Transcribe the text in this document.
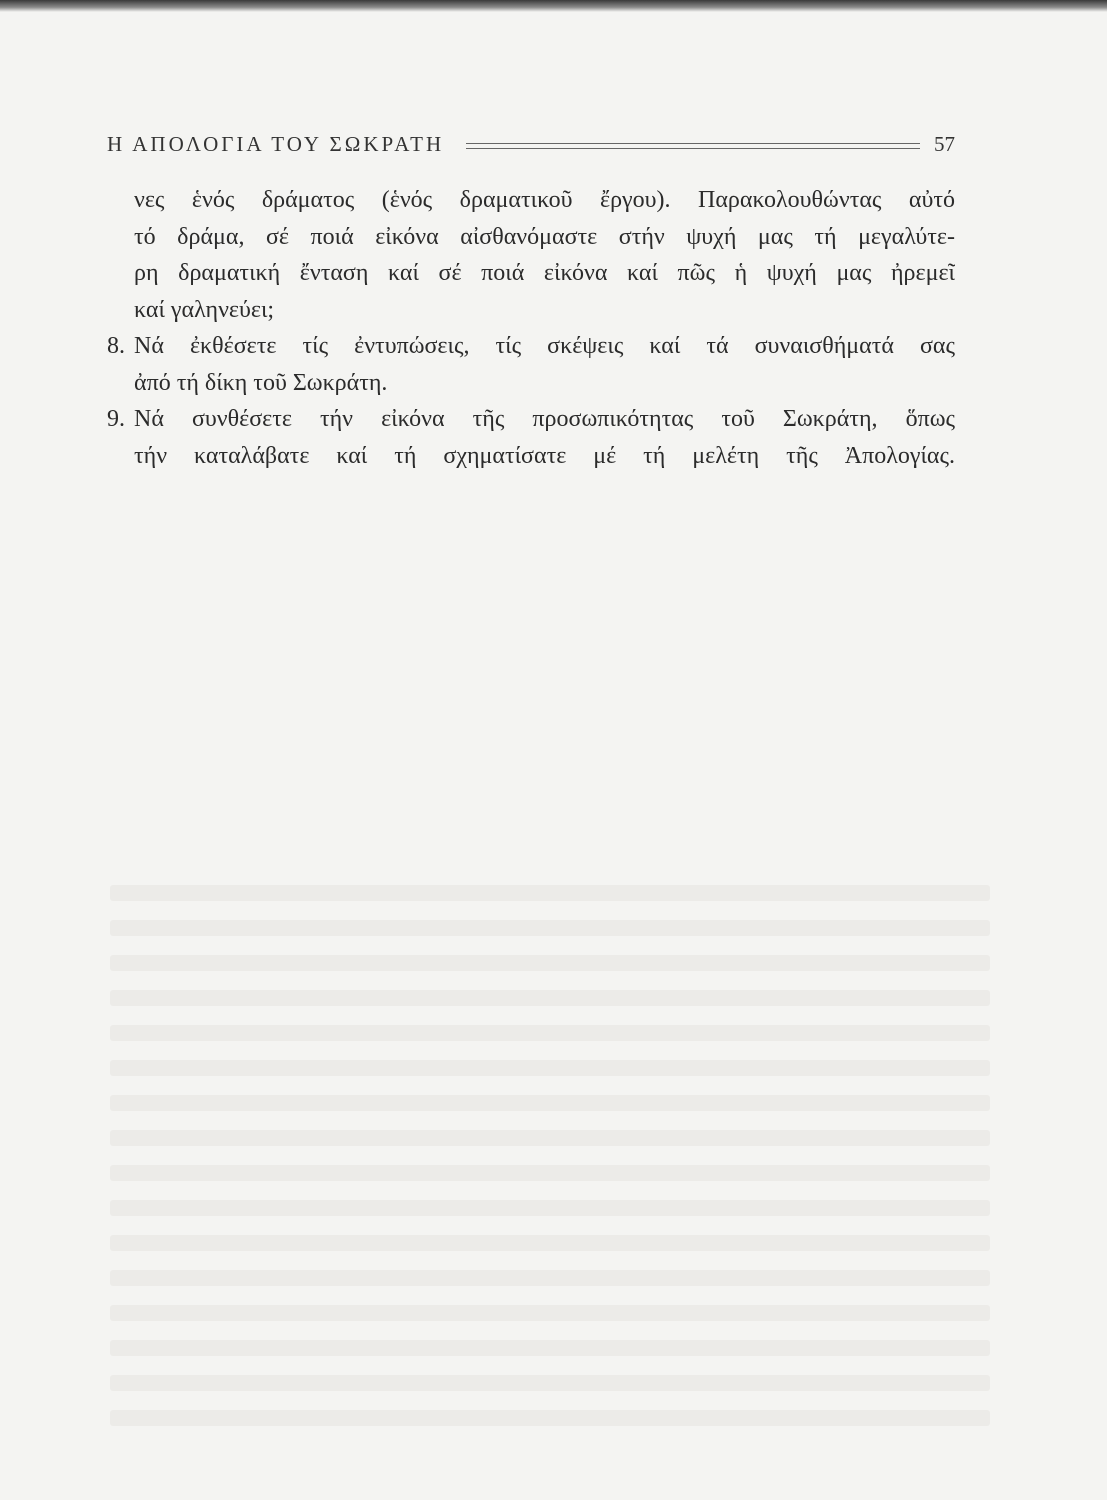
Η ΑΠΟΛΟΓΙΑ ΤΟΥ ΣΩΚΡΑΤΗ	57
νες ἑνός δράματος (ἑνός δραματικοῦ ἔργου). Παρακολουθώντας αὐτό
τό δράμα, σέ ποιά εἰκόνα αἰσθανόμαστε στήν ψυχή μας τή μεγαλύτε-
ρη δραματική ἔνταση καί σέ ποιά εἰκόνα καί πῶς ἡ ψυχή μας ἠρεμεῖ
καί γαληνεύει;
8. Νά ἐκθέσετε τίς ἐντυπώσεις, τίς σκέψεις καί τά συναισθήματά σας
ἀπό τή δίκη τοῦ Σωκράτη.
9. Νά συνθέσετε τήν εἰκόνα τῆς προσωπικότητας τοῦ Σωκράτη, ὅπως
τήν καταλάβατε καί τή σχηματίσατε μέ τή μελέτη τῆς Ἀπολογίας.
